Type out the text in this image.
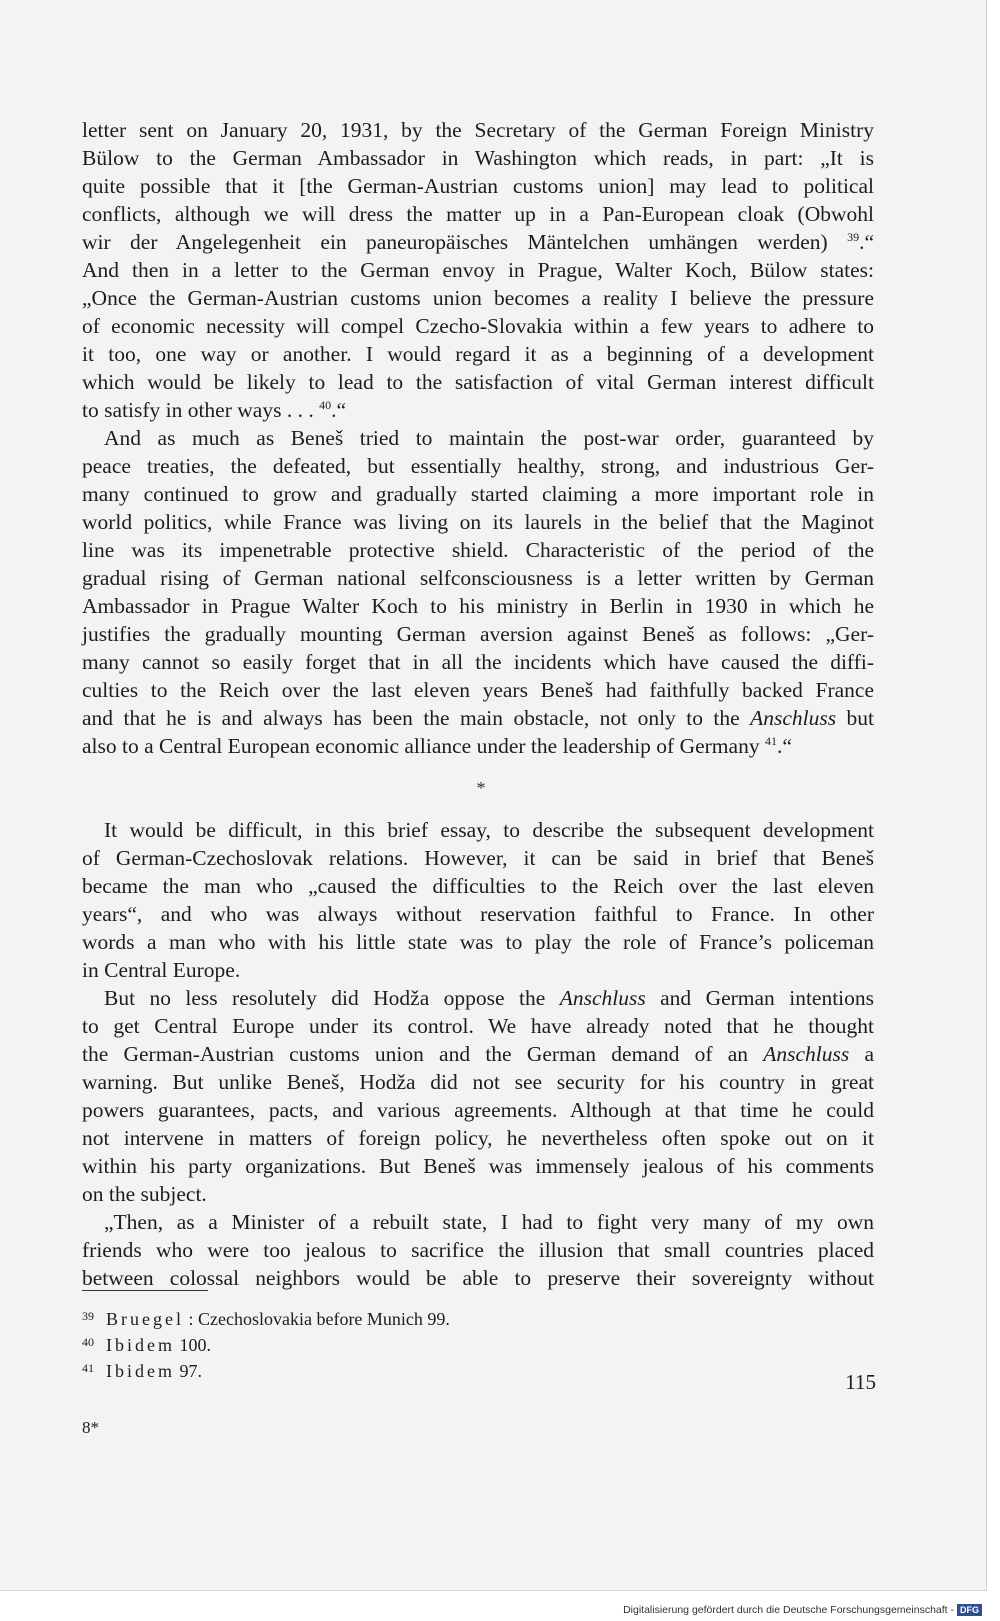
letter sent on January 20, 1931, by the Secretary of the German Foreign Ministry
Bülow to the German Ambassador in Washington which reads, in part: „It is
quite possible that it [the German-Austrian customs union] may lead to political
conflicts, although we will dress the matter up in a Pan-European cloak (Obwohl
wir der Angelegenheit ein paneuropäisches Mäntelchen umhängen werden) $^{39}$.“
And then in a letter to the German envoy in Prague, Walter Koch, Bülow states:
„Once the German-Austrian customs union becomes a reality I believe the pressure
of economic necessity will compel Czecho-Slovakia within a few years to adhere to
it too, one way or another. I would regard it as a beginning of a development
which would be likely to lead to the satisfaction of vital German interest difficult
to satisfy in other ways . . . $^{40}$.“
And as much as Beneš tried to maintain the post-war order, guaranteed by
peace treaties, the defeated, but essentially healthy, strong, and industrious Ger-
many continued to grow and gradually started claiming a more important role in
world politics, while France was living on its laurels in the belief that the Maginot
line was its impenetrable protective shield. Characteristic of the period of the
gradual rising of German national selfconsciousness is a letter written by German
Ambassador in Prague Walter Koch to his ministry in Berlin in 1930 in which he
justifies the gradually mounting German aversion against Beneš as follows: „Ger-
many cannot so easily forget that in all the incidents which have caused the diffi-
culties to the Reich over the last eleven years Beneš had faithfully backed France
and that he is and always has been the main obstacle, not only to the Anschluss but
also to a Central European economic alliance under the leadership of Germany $^{41}$.“
*
It would be difficult, in this brief essay, to describe the subsequent development
of German-Czechoslovak relations. However, it can be said in brief that Beneš
became the man who „caused the difficulties to the Reich over the last eleven
years“, and who was always without reservation faithful to France. In other
words a man who with his little state was to play the role of France’s policeman
in Central Europe.
But no less resolutely did Hodža oppose the Anschluss and German intentions
to get Central Europe under its control. We have already noted that he thought
the German-Austrian customs union and the German demand of an Anschluss a
warning. But unlike Beneš, Hodža did not see security for his country in great
powers guarantees, pacts, and various agreements. Although at that time he could
not intervene in matters of foreign policy, he nevertheless often spoke out on it
within his party organizations. But Beneš was immensely jealous of his comments
on the subject.
„Then, as a Minister of a rebuilt state, I had to fight very many of my own
friends who were too jealous to sacrifice the illusion that small countries placed
between colossal neighbors would be able to preserve their sovereignty without
39 Bruegel : Czechoslovakia before Munich 99.
40 Ibidem 100.
41 Ibidem 97.	115
8*
Digitalisierung gefördert durch die Deutsche Forschungsgemeinschaft - DFG
